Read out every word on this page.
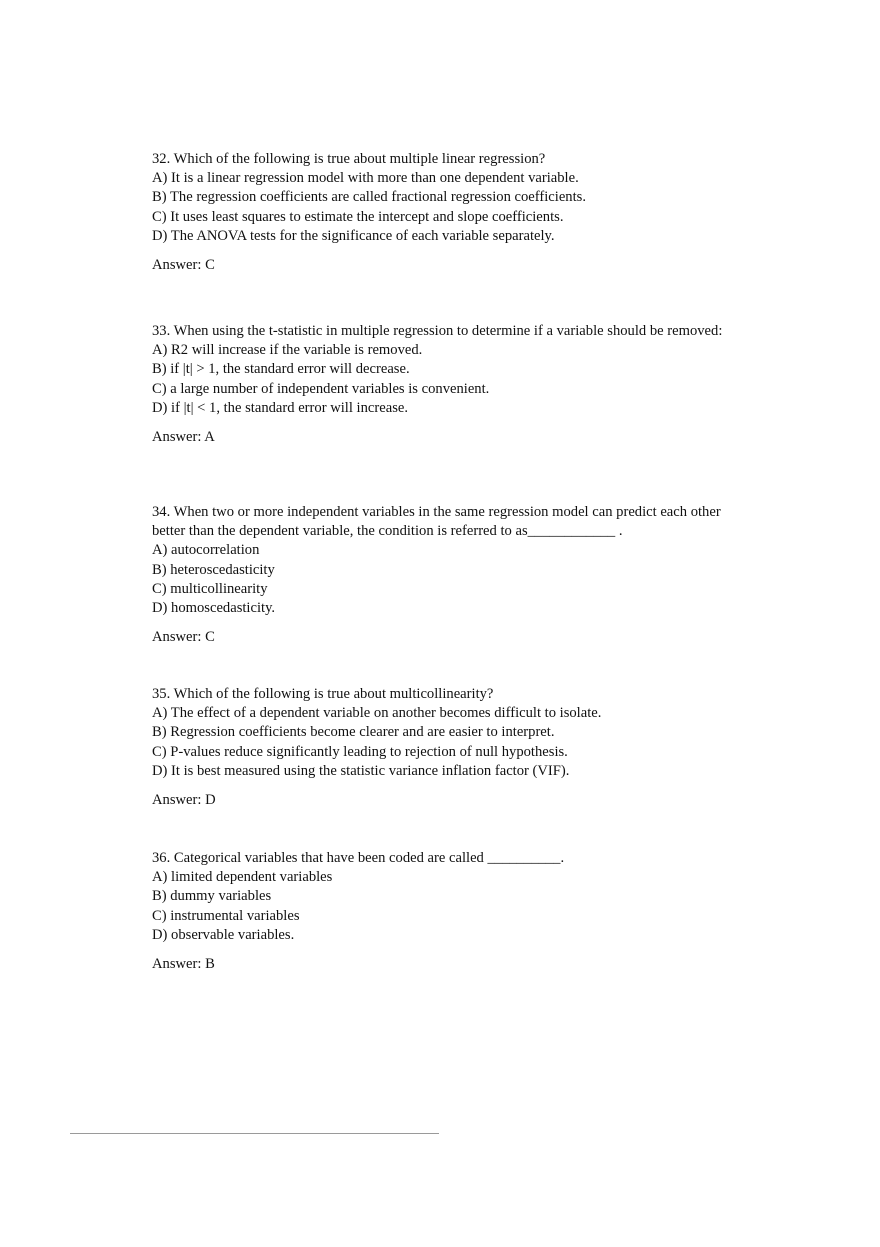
32. Which of the following is true about multiple linear regression?

A) It is a linear regression model with more than one dependent variable.

B) The regression coefficients are called fractional regression coefficients.

C) It uses least squares to estimate the intercept and slope coefficients.

D) The ANOVA tests for the significance of each variable separately.

Answer: C

33. When using the t-statistic in multiple regression to determine if a variable should be removed:

A) R2 will increase if the variable is removed.

B) if |t| > 1, the standard error will decrease.

C) a large number of independent variables is convenient.

D) if |t| < 1, the standard error will increase.

Answer: A

34. When two or more independent variables in the same regression model can predict each other better than the dependent variable, the condition is referred to as____________ .

A) autocorrelation

B) heteroscedasticity

C) multicollinearity

D) homoscedasticity.

Answer: C

35. Which of the following is true about multicollinearity?

A) The effect of a dependent variable on another becomes difficult to isolate.

B) Regression coefficients become clearer and are easier to interpret.

C) P-values reduce significantly leading to rejection of null hypothesis.

D) It is best measured using the statistic variance inflation factor (VIF).

Answer: D

36. Categorical variables that have been coded are called __________.

A) limited dependent variables

B) dummy variables

C) instrumental variables

D) observable variables.

Answer: B
